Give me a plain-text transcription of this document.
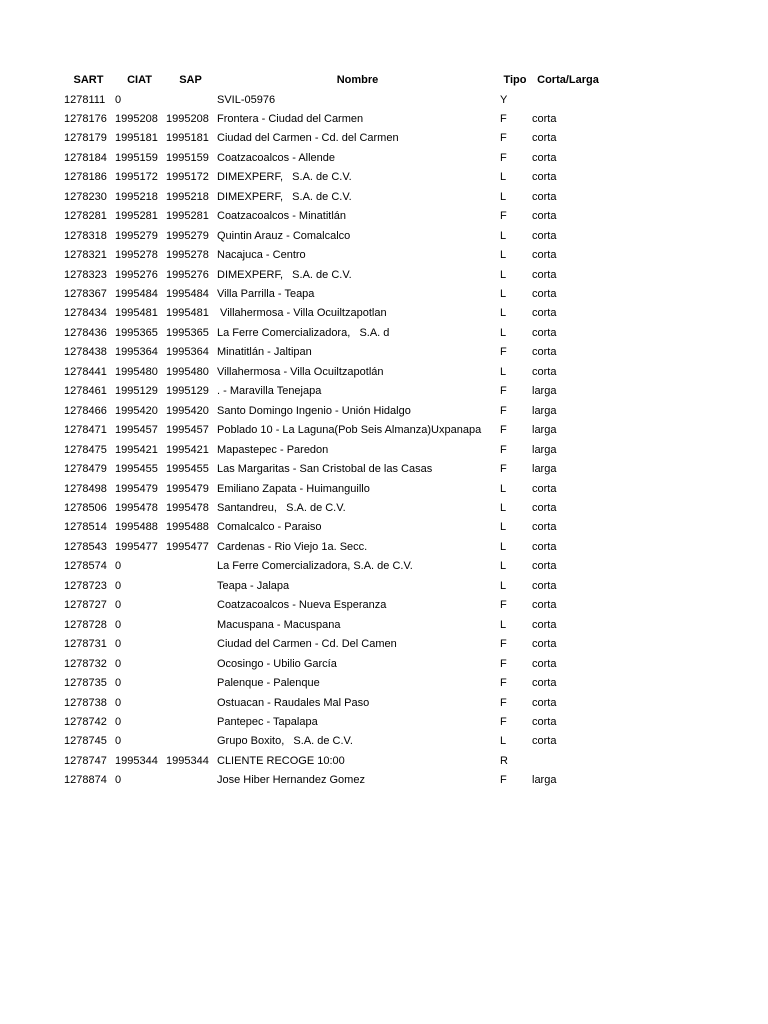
SART	CIAT	SAP	Nombre	Tipo	Corta/Larga
1278111	0		SVIL-05976	Y	
1278176	1995208	1995208	Frontera - Ciudad del Carmen	F	corta
1278179	1995181	1995181	Ciudad del Carmen - Cd. del Carmen	F	corta
1278184	1995159	1995159	Coatzacoalcos - Allende	F	corta
1278186	1995172	1995172	DIMEXPERF,   S.A. de C.V.	L	corta
1278230	1995218	1995218	DIMEXPERF,   S.A. de C.V.	L	corta
1278281	1995281	1995281	Coatzacoalcos - Minatitlán	F	corta
1278318	1995279	1995279	Quintin Arauz - Comalcalco	L	corta
1278321	1995278	1995278	Nacajuca - Centro	L	corta
1278323	1995276	1995276	DIMEXPERF,   S.A. de C.V.	L	corta
1278367	1995484	1995484	Villa Parrilla - Teapa	L	corta
1278434	1995481	1995481	Villahermosa - Villa Ocuiltzapotlan	L	corta
1278436	1995365	1995365	La Ferre Comercializadora,   S.A. d	L	corta
1278438	1995364	1995364	Minatitlán - Jaltipan	F	corta
1278441	1995480	1995480	Villahermosa - Villa Ocuiltzapotlán	L	corta
1278461	1995129	1995129	. - Maravilla Tenejapa	F	larga
1278466	1995420	1995420	Santo Domingo Ingenio - Unión Hidalgo	F	larga
1278471	1995457	1995457	Poblado 10 - La Laguna(Pob Seis Almanza)Uxpanapa	F	larga
1278475	1995421	1995421	Mapastepec - Paredon	F	larga
1278479	1995455	1995455	Las Margaritas - San Cristobal de las Casas	F	larga
1278498	1995479	1995479	Emiliano Zapata - Huimanguillo	L	corta
1278506	1995478	1995478	Santandreu,   S.A. de C.V.	L	corta
1278514	1995488	1995488	Comalcalco - Paraiso	L	corta
1278543	1995477	1995477	Cardenas - Rio Viejo 1a. Secc.	L	corta
1278574	0		La Ferre Comercializadora, S.A. de C.V.	L	corta
1278723	0		Teapa - Jalapa	L	corta
1278727	0		Coatzacoalcos - Nueva Esperanza	F	corta
1278728	0		Macuspana - Macuspana	L	corta
1278731	0		Ciudad del Carmen - Cd. Del Camen	F	corta
1278732	0		Ocosingo - Ubilio García	F	corta
1278735	0		Palenque - Palenque	F	corta
1278738	0		Ostuacan - Raudales Mal Paso	F	corta
1278742	0		Pantepec - Tapalapa	F	corta
1278745	0		Grupo Boxito,   S.A. de C.V.	L	corta
1278747	1995344	1995344	CLIENTE RECOGE 10:00	R	
1278874	0		Jose Hiber Hernandez Gomez	F	larga
